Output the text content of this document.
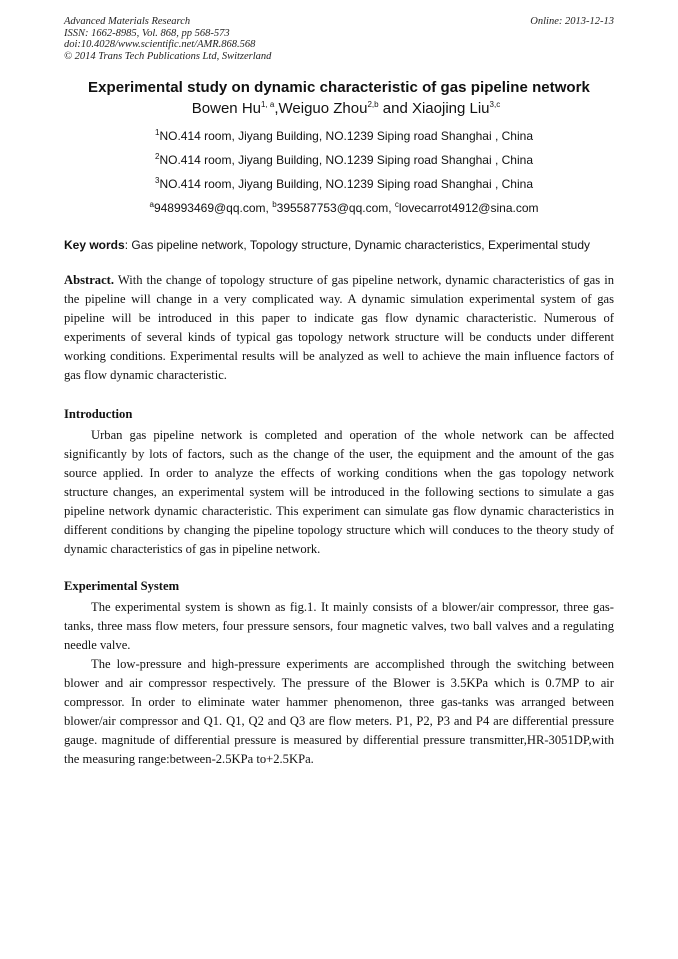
Online: 2013-12-13
Advanced Materials Research
ISSN: 1662-8985, Vol. 868, pp 568-573
doi:10.4028/www.scientific.net/AMR.868.568
© 2014 Trans Tech Publications Ltd, Switzerland
Experimental study on dynamic characteristic of gas pipeline network
Bowen Hu$^{1, a}$,Weiguo Zhou$^{2,b}$ and Xiaojing Liu$^{3,c}$
$^1$NO.414 room, Jiyang Building, NO.1239 Siping road Shanghai , China
$^2$NO.414 room, Jiyang Building, NO.1239 Siping road Shanghai , China
$^3$NO.414 room, Jiyang Building, NO.1239 Siping road Shanghai , China
$^a$948993469@qq.com, $^b$395587753@qq.com, $^c$lovecarrot4912@sina.com
Key words: Gas pipeline network, Topology structure, Dynamic characteristics, Experimental study
Abstract. With the change of topology structure of gas pipeline network, dynamic characteristics of gas in the pipeline will change in a very complicated way. A dynamic simulation experimental system of gas pipeline will be introduced in this paper to indicate gas flow dynamic characteristic. Numerous of experiments of several kinds of typical gas topology network structure will be conducts under different working conditions. Experimental results will be analyzed as well to achieve the main influence factors of gas flow dynamic characteristic.
Introduction
Urban gas pipeline network is completed and operation of the whole network can be affected significantly by lots of factors, such as the change of the user, the equipment and the amount of the gas source applied. In order to analyze the effects of working conditions when the gas topology network structure changes, an experimental system will be introduced in the following sections to simulate a gas pipeline network dynamic characteristic. This experiment can simulate gas flow dynamic characteristics in different conditions by changing the pipeline topology structure which will conduces to the theory study of dynamic characteristics of gas in pipeline network.
Experimental System
The experimental system is shown as fig.1. It mainly consists of a blower/air compressor, three gas-tanks, three mass flow meters, four pressure sensors, four magnetic valves, two ball valves and a regulating needle valve.
The low-pressure and high-pressure experiments are accomplished through the switching between blower and air compressor respectively. The pressure of the Blower is 3.5KPa which is 0.7MP to air compressor. In order to eliminate water hammer phenomenon, three gas-tanks was arranged between blower/air compressor and Q1. Q1, Q2 and Q3 are flow meters. P1, P2, P3 and P4 are differential pressure gauge. magnitude of differential pressure is measured by differential pressure transmitter,HR-3051DP,with the measuring range:between-2.5KPa to+2.5KPa.
